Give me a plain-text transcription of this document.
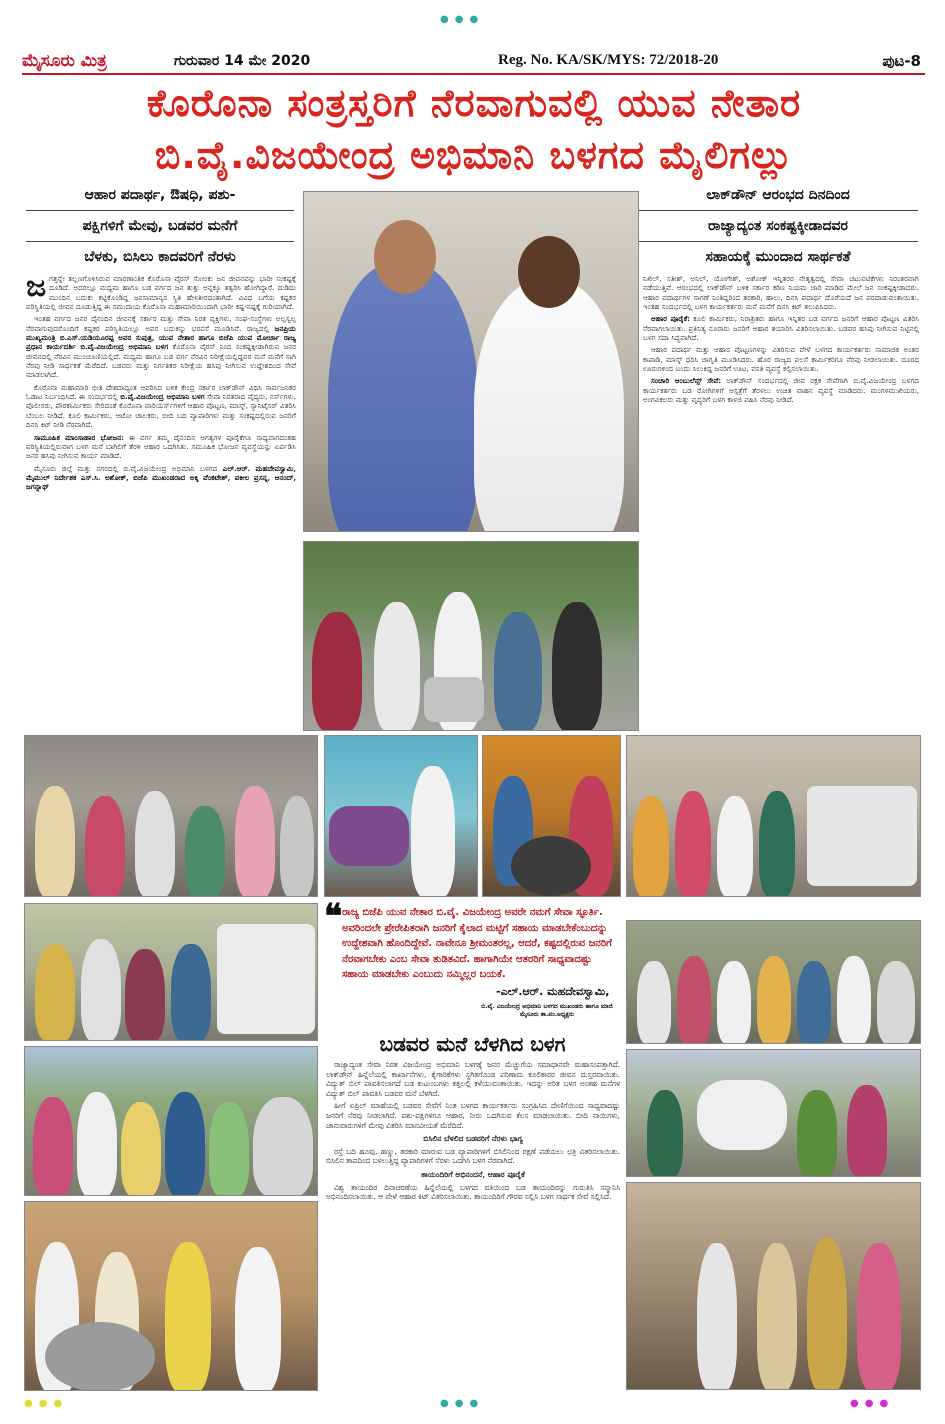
●●●
●●●	●●●
●●●
ಮೈಸೂರು ಮಿತ್ರ	ಗುರುವಾರ 14 ಮೇ 2020	Reg. No. KA/SK/MYS: 72/2018-20	ಪುಟ-8
ಕೊರೊನಾ ಸಂತ್ರಸ್ತರಿಗೆ ನೆರವಾಗುವಲ್ಲಿ ಯುವ ನೇತಾರ
ಬಿ.ವೈ.ವಿಜಯೇಂದ್ರ ಅಭಿಮಾನಿ ಬಳಗದ ಮೈಲಿಗಲ್ಲು
ಆಹಾರ ಪದಾರ್ಥ, ಔಷಧಿ, ಪಶು-
ಪಕ್ಷಿಗಳಿಗೆ ಮೇವು, ಬಡವರ ಮನೆಗೆ
ಬೆಳಕು, ಬಿಸಿಲು ಕಾದವರಿಗೆ ನೆರಳು
ಲಾಕ್‌ಡೌನ್ ಆರಂಭದ ದಿನದಿಂದ
ರಾಜ್ಯಾದ್ಯಂತ ಸಂಕಷ್ಟಕ್ಕೀಡಾದವರ
ಸಹಾಯಕ್ಕೆ ಮುಂದಾದ ಸಾರ್ಥಕತೆ

ಜಗತ್ತನ್ನೇ ತಲ್ಲಣಗೊಳಿಸಿರುವ ಮಾರಣಾಂತಿಕ ಕೊರೊನಾ ವೈರಸ್ ಸೋಂಕು ಜನ ಜೀವನವನ್ನು ಭಾರೀ ಸಂಕಷ್ಟಕ್ಕೆ ದೂಡಿದೆ. ಅದರಲ್ಲೂ ಮಧ್ಯಮ ಹಾಗೂ ಬಡ ವರ್ಗದ ಜನ ತುತ್ತು ಅನ್ನಕ್ಕೂ ತತ್ವರಿಸಿ ಹೋಗಿದ್ದಾರೆ. ದುಡಿದು ಮುಂದಿನ ಬದುಕು ಕಟ್ಟಿಕೊಂಡಿದ್ದ ಜನಸಾಮಾನ್ಯರ ಸ್ಥಿತಿ ಹೇಳತೀರದಂತಾಗಿದೆ. ವಿವಿಧ ಬಗೆಯ ಕಷ್ಟಕರ ಪರಿಸ್ಥಿತಿಯಲ್ಲಿ ಜೀವನ ದೂಡುತ್ತಿದ್ದ ಈ ಸಮುದಾಯ ಕೊರೊನಾ ಮಹಾಮಾರಿಯಿಂದಾಗಿ ಭಾರೀ ಕಷ್ಟ-ನಷ್ಟಕ್ಕೆ ಗುರಿಯಾಗಿದೆ.

ಇಂತಹ ವರ್ಗದ ಜನರ ದೈನಂದಿನ ಜೀವನಕ್ಕೆ ಸರ್ಕಾರ ಮತ್ತು ಸೇವಾ ನಿರತ ವ್ಯಕ್ತಿಗಳು, ಸಂಘ-ಸಂಸ್ಥೆಗಳು ಅಲ್ಪಸ್ವಲ್ಪ ನೆರವಾಗುವುದರೊಂದಿಗೆ ಕಷ್ಟಕರ ಪರಿಸ್ಥಿತಿಯಲ್ಲೂ ಅವರ ಬದುಕನ್ನು ಭರವಸೆ ಮೂಡಿಸಿವೆ. ರಾಜ್ಯದಲ್ಲಿ ಜನಪ್ರಿಯ ಮುಖ್ಯಮಂತ್ರಿ ಬಿ.ಎಸ್.ಯಡಿಯೂರಪ್ಪ ಅವರ ಸುಪುತ್ರ, ಯುವ ನೇತಾರ ಹಾಗೂ ಬಿಜೆಪಿ ಯುವ ಮೋರ್ಚಾ ರಾಜ್ಯ ಪ್ರಧಾನ ಕಾರ್ಯದರ್ಶಿ ಬಿ.ವೈ.ವಿಜಯೇಂದ್ರ ಅಭಿಮಾನಿ ಬಳಗ ಕೊರೊನಾ ವೈರಸ್ ನಿಂದ ಸಂಕಷ್ಟಕ್ಕೀಡಾಗಿರುವ ಜನರ ಜೀವನದಲ್ಲಿ ನೆರವಿನ ಮುಂಚೂಣಿಯಲ್ಲಿದೆ. ಮಧ್ಯಮ ಹಾಗೂ ಬಡ ವರ್ಗ ನೆರವಿನ ನಿರೀಕ್ಷೆಯಲ್ಲಿದ್ದವರ ಮನೆ ಮನೆಗೆ ಸಾಗಿ ನೆರವು ನೀಡಿ ಸಾರ್ಥಕತೆ ಮೆರೆದಿದೆ. ಬಡವರು ಮತ್ತು ನಿರ್ಗತಿಕರ ನಿರೀಕ್ಷೆಯ ಹಸಿವು ನೀಗಿಸುವ ಉದ್ದೇಶದಿಂದ ಸೇವೆ ಮಾಡಲಾಗಿದೆ.

ಕೊರೊನಾ ಮಹಾಮಾರಿ ಭೀತಿ ದೇಶದಾದ್ಯಂತ ಆವರಿಸಿದ ಬಳಿಕ ಕೇಂದ್ರ ಸರ್ಕಾರ ಲಾಕ್‌ಡೌನ್ ವಿಧಿಸಿ ಸಾರ್ವಜನಿಕರ ಓಡಾಟ ನಿರ್ಬಂಧಿಸಿದೆ. ಈ ಸಂದರ್ಭದಲ್ಲಿ ಬಿ.ವೈ.ವಿಜಯೇಂದ್ರ ಅಭಿಮಾನಿ ಬಳಗ ಸೇವಾ ನಿರತರಾದ ವೈದ್ಯರು, ನರ್ಸ್‌ಗಳು, ಪೊಲೀಸರು, ಪೌರಕಾರ್ಮಿಕರು ಸೇರಿದಂತೆ ಕೊರೊನಾ ವಾರಿಯರ್ಸ್‌ಗಳಿಗೆ ಆಹಾರ ಪೊಟ್ಟಣ, ಮಾಸ್ಕ್, ಸ್ಯಾನಿಟೈಸರ್ ವಿತರಿಸಿ ಬೆಂಬಲ ನೀಡಿದೆ. ಕೂಲಿ ಕಾರ್ಮಿಕರು, ಆಟೋ ಚಾಲಕರು, ಬೀದಿ ಬದಿ ವ್ಯಾಪಾರಿಗಳು ಮತ್ತು ಸಂಕಷ್ಟದಲ್ಲಿರುವ ಜನರಿಗೆ ದಿನಸಿ ಕಿಟ್ ನೀಡಿ ನೆರವಾಗಿದೆ.

ಸಾಮೂಹಿಕ ಮಾಂಸಾಹಾರ ಭೋಜನ: ಈ ವರ್ಗ ತಮ್ಮ ದೈನಂದಿನ ಆಗತ್ಯಗಳ ಪೂರೈಕೆಗೂ ಸಾಧ್ಯವಾಗದಂತಹ ಪರಿಸ್ಥಿತಿಯಲ್ಲಿರುವಾಗ ಬಳಗ ಮನೆ ಬಾಗಿಲಿಗೆ ತೆರಳಿ ಆಹಾರ ಒದಗಿಸಿತು. ಸಮೂಹಿಕ ಭೋಜನ ವ್ಯವಸ್ಥೆಯನ್ನು ಏರ್ಪಡಿಸಿ ಜನರ ಹಸಿವು ನೀಗಿಸುವ ಕಾರ್ಯ ಮಾಡಿದೆ.

ಮೈಸೂರು ಜಿಲ್ಲೆ ಮತ್ತು ನಗರದಲ್ಲಿ ಬಿ.ವೈ.ವಿಜಯೇಂದ್ರ ಅಭಿಮಾನಿ ಬಳಗದ ಎಲ್.ಆರ್. ಮಹದೇವಸ್ವಾಮಿ, ಮೈಮುಲ್ ನಿರ್ದೇಶಕ ಎಸ್.ಸಿ. ಅಶೋಕ್, ಬಿಜೆಪಿ ಮುಖಂಡರಾದ ಅಕ್ಕಿ ವೆಂಕಟೇಶ್, ಪಕೀಲ ಪ್ರಸನ್ನ, ಆನಂದ್, ಜಗನ್ನಾಥ್

ನಿಖಿಲ್, ಸತೀಶ್, ಅನಿಲ್, ಯೋಗೇಶ್, ಅಶೋಕ್ ಇನ್ನಿತರರ ನೇತೃತ್ವದಲ್ಲಿ ಸೇವಾ ಚಟುವಟಿಕೆಗಳು ನಿರಂತರವಾಗಿ ನಡೆಯುತ್ತಿವೆ. ಆರಂಭದಲ್ಲಿ ಲಾಕ್‌ಡೌನ್ ಬಳಿಕ ಸರ್ಕಾರ ಕಠಿಣ ನಿಯಮ ಜಾರಿ ಮಾಡಿದ ಮೇಲೆ ಜನ ಸಂಕಷ್ಟಕ್ಕೀಡಾದರು. ಆಹಾರ ಪದಾರ್ಥಗಳ ಸಾಗಣೆ ನಿಂತಿದ್ದರಿಂದ ತರಕಾರಿ, ಹಾಲು, ದಿನಸಿ ಪದಾರ್ಥ ದೊರೆಯದೆ ಜನ ಪರದಾಡುವಂತಾಯಿತು. ಇಂತಹ ಸಂದರ್ಭದಲ್ಲಿ ಬಳಗ ಕಾರ್ಯಕರ್ತರು ಮನೆ ಮನೆಗೆ ದಿನಸಿ ಕಿಟ್ ತಲುಪಿಸಿದರು.

ಆಹಾರ ಪೂರೈಕೆ: ಕೂಲಿ ಕಾರ್ಮಿಕರು, ನಿರಾಶ್ರಿತರು ಹಾಗೂ ಇನ್ನಿತರ ಬಡ ವರ್ಗದ ಜನರಿಗೆ ಆಹಾರ ಪೊಟ್ಟಣ ವಿತರಿಸಿ ನೆರವಾಗಲಾಯಿತು. ಪ್ರತಿನಿತ್ಯ ನೂರಾರು ಜನರಿಗೆ ಆಹಾರ ತಯಾರಿಸಿ ವಿತರಿಸಲಾಯಿತು. ಬಡವರ ಹಸಿವು ನೀಗಿಸುವ ನಿಟ್ಟಿನಲ್ಲಿ ಬಳಗ ಸದಾ ಸಿದ್ಧವಾಗಿದೆ.

ಆಹಾರ ಪದಾರ್ಥ ಮತ್ತು ಆಹಾರ ಪೊಟ್ಟಣಗಳನ್ನು ವಿತರಿಸುವ ವೇಳೆ ಬಳಗದ ಕಾರ್ಯಕರ್ತರು ಸಾಮಾಜಿಕ ಅಂತರ ಕಾಪಾಡಿ, ಮಾಸ್ಕ್ ಧರಿಸಿ ಜಾಗೃತಿ ಮೂಡಿಸಿದರು. ಹೊರ ರಾಜ್ಯದ ವಲಸೆ ಕಾರ್ಮಿಕರಿಗೂ ನೆರವು ನೀಡಲಾಯಿತು. ದೂರದ ಊರುಗಳಿಂದ ಬಂದು ಸಿಲುಕಿದ್ದ ಜನರಿಗೆ ಊಟ, ವಸತಿ ವ್ಯವಸ್ಥೆ ಕಲ್ಪಿಸಲಾಯಿತು.

ಸಂಚಾರಿ ಆಂಬುಲೆನ್ಸ್ ಸೇವೆ: ಲಾಕ್‌ಡೌನ್ ಸಂದರ್ಭದಲ್ಲಿ ಜೀವ ರಕ್ಷಕ ಸೇವೆಗಾಗಿ ಬಿ.ವೈ.ವಿಜಯೇಂದ್ರ ಬಳಗದ ಕಾರ್ಯಕರ್ತರು ಬಡ ರೋಗಿಗಳಿಗೆ ಆಸ್ಪತ್ರೆಗೆ ತೆರಳಲು ಉಚಿತ ವಾಹನ ವ್ಯವಸ್ಥೆ ಮಾಡಿದರು. ಮಂಗಳಮುಖಿಯರು, ಅಂಗವಿಕಲರು ಮತ್ತು ವೃದ್ಧರಿಗೆ ಬಳಗ ಕಾಳಜಿ ವಹಿಸಿ ನೆರವು ನೀಡಿದೆ.

❝ ರಾಜ್ಯ ಬಿಜೆಪಿ ಯುವ ನೇತಾರ ಬಿ.ವೈ. ವಿಜಯೇಂದ್ರ ಅವರೇ ನಮಗೆ ಸೇವಾ ಸ್ಫೂರ್ತಿ. ಅವರಿಂದಲೇ ಪ್ರೇರೇಪಿತರಾಗಿ ಜನರಿಗೆ ಕೈಲಾದ ಮಟ್ಟಿಗೆ ಸಹಾಯ ಮಾಡಬೇಕೆಂಬುದನ್ನು ಉದ್ದೇಶವಾಗಿ ಹೊಂದಿದ್ದೇವೆ. ನಾವೇನೂ ಶ್ರೀಮಂತರಲ್ಲ, ಆದರೆ, ಕಷ್ಟದಲ್ಲಿರುವ ಜನರಿಗೆ ನೆರವಾಗಬೇಕು ಎಂಬ ಸೇವಾ ತುಡಿತವಿದೆ. ಹಾಗಾಗಿಯೇ ಆತರರಿಗೆ ಸಾಧ್ಯವಾದಷ್ಟು ಸಹಾಯ ಮಾಡಬೇಕು ಎಂಬುದು ನಮ್ಮಿಲ್ಲರ ಬಯಕೆ.
-ಎಲ್.ಆರ್. ಮಹದೇವಸ್ವಾಮಿ,
ಬಿ.ವೈ. ವಿಜಯೇಂದ್ರ ಅಭಿಮಾನಿ ಬಳಗದ ಮುಖಂಡರು ಹಾಗೂ ಮಾಜಿ ಮೈಸೂರು ತಾ.ಪಂ.ಅಧ್ಯಕ್ಷರು
ಬಡವರ ಮನೆ ಬೆಳಗಿದ ಬಳಗ

ರಾಜ್ಯಾದ್ಯಂತ ಸೇವಾ ನಿರತ ವಿಜಯೇಂದ್ರ ಅಭಿಮಾನಿ ಬಳಗಕ್ಕೆ ಜನರ ಮೆಚ್ಚುಗೆಯ ಸಮಾಧಾನವೇ ಮಹಾಸಂಪತ್ತಾಗಿದೆ. ಲಾಕ್‌ಡೌನ್ ಹಿನ್ನೆಲೆಯಲ್ಲಿ ಕಾರ್ಖಾನೆಗಳು, ಕೈಗಾರಿಕೆಗಳು ಸ್ಥಗಿತಗೊಂಡ ಪರಿಣಾಮ ಕೂಲಿಕಾರರ ಜೀವನ ದುಸ್ತರವಾಯಿತು. ವಿದ್ಯುತ್ ಬಿಲ್ ಪಾವತಿಸಲಾಗದೆ ಬಡ ಕುಟುಂಬಗಳು ಕತ್ತಲಲ್ಲಿ ಕಳೆಯುವಂತಾಯಿತು. ಇದನ್ನು ಅರಿತ ಬಳಗ ಅಂತಹ ಮನೆಗಳ ವಿದ್ಯುತ್ ಬಿಲ್ ಪಾವತಿಸಿ ಬಡವರ ಮನೆ ಬೆಳಗಿದೆ.

ಹೀಗೆ ಏಪ್ರಿಲ್ ಮಾಹೆಯಲ್ಲಿ ಬಡವರ ಸೇವೆಗೆ ನಿಂತ ಬಳಗದ ಕಾರ್ಯಕರ್ತರು ಸಂಗ್ರಹಿಸಿದ ದೇಣಿಗೆಯಿಂದ ಸಾಧ್ಯವಾದಷ್ಟು ಜನರಿಗೆ ನೆರವು ನೀಡಲಾಗಿದೆ. ಪಶು-ಪಕ್ಷಿಗಳಿಗೂ ಆಹಾರ, ನೀರು ಒದಗಿಸುವ ಕೆಲಸ ಮಾಡಲಾಯಿತು. ಬೀದಿ ನಾಯಿಗಳು, ಜಾನುವಾರುಗಳಿಗೆ ಮೇವು ವಿತರಿಸಿ ಮಾನವೀಯತೆ ಮೆರೆದಿದೆ.

ಬಿಸಿಲಿನ ಬೆಳಲಿದ ಬಡವರಿಗೆ ನೆರಳು ಭಾಗ್ಯ

ರಸ್ತೆ ಬದಿ ಹೂವು, ಹಣ್ಣು, ತರಕಾರಿ ಮಾರುವ ಬಡ ವ್ಯಾಪಾರಿಗಳಿಗೆ ಬಿಸಿಲಿನಿಂದ ರಕ್ಷಣೆ ಪಡೆಯಲು ಛತ್ರಿ ವಿತರಿಸಲಾಯಿತು. ಬಿಸಿಲಿನ ತಾಪದಿಂದ ಬಳಲುತ್ತಿದ್ದ ವ್ಯಾಪಾರಿಗಳಿಗೆ ನೆರಳು ಒದಗಿಸಿ ಬಳಗ ನೆರವಾಗಿದೆ.

ತಾಯಂದಿರಿಗೆ ಅಭಿನಂದನೆ, ಆಹಾರ ಪೂರೈಕೆ

ವಿಶ್ವ ತಾಯಂದಿರ ದಿನಾಚರಣೆಯ ಹಿನ್ನೆಲೆಯಲ್ಲಿ ಬಳಗದ ವತಿಯಿಂದ ಬಡ ತಾಯಂದಿರನ್ನು ಗುರುತಿಸಿ ಸನ್ಮಾನಿಸಿ ಅಭಿನಂದಿಸಲಾಯಿತು. ಆ ವೇಳೆ ಆಹಾರ ಕಿಟ್ ವಿತರಿಸಲಾಯಿತು. ತಾಯಂದಿರಿಗೆ ಗೌರವ ಸಲ್ಲಿಸಿ ಬಳಗ ಸಾರ್ಥಕ ಸೇವೆ ಸಲ್ಲಿಸಿದೆ.
